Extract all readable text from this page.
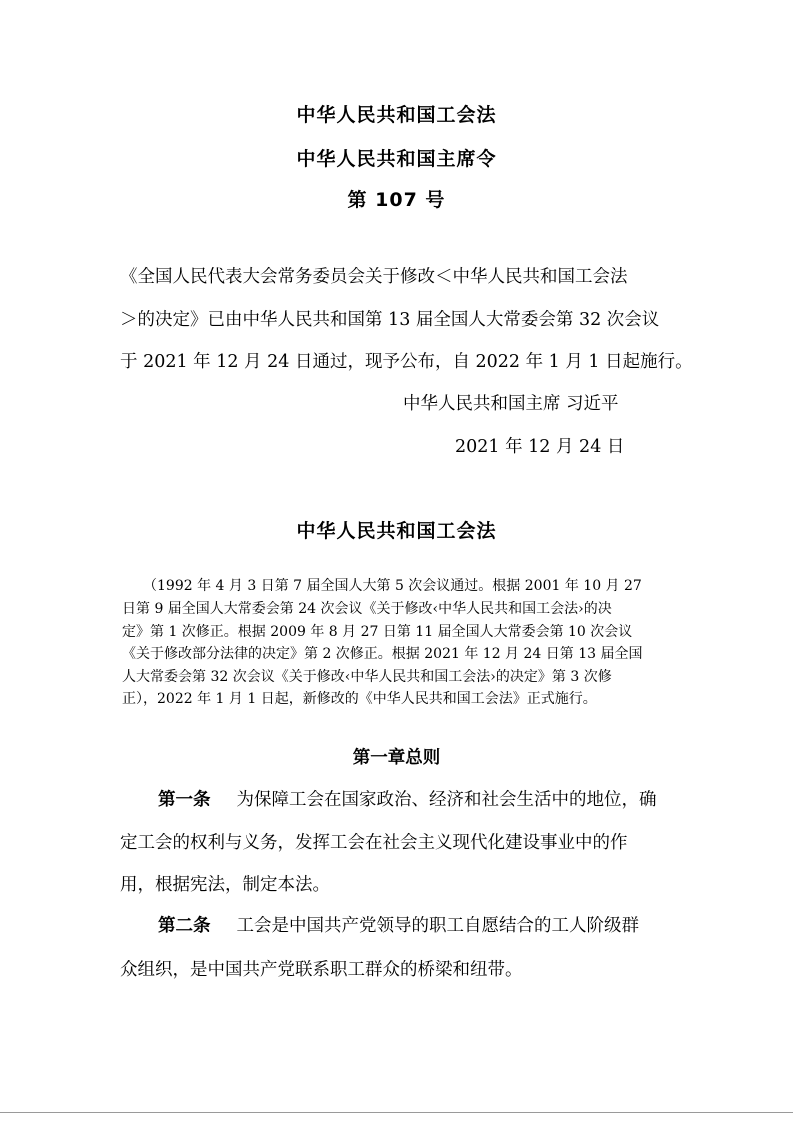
中华人民共和国工会法
中华人民共和国主席令
第 107 号
《全国人民代表大会常务委员会关于修改＜中华人民共和国工会法
＞的决定》已由中华人民共和国第 13 届全国人大常委会第 32 次会议
于 2021 年 12 月 24 日通过，现予公布，自 2022 年 1 月 1 日起施行。
中华人民共和国主席 习近平
2021 年 12 月 24 日
中华人民共和国工会法
（1992 年 4 月 3 日第 7 届全国人大第 5 次会议通过。根据 2001 年 10 月 27
日第 9 届全国人大常委会第 24 次会议《关于修改‹中华人民共和国工会法›的决
定》第 1 次修正。根据 2009 年 8 月 27 日第 11 届全国人大常委会第 10 次会议
《关于修改部分法律的决定》第 2 次修正。根据 2021 年 12 月 24 日第 13 届全国
人大常委会第 32 次会议《关于修改‹中华人民共和国工会法›的决定》第 3 次修
正），2022 年 1 月 1 日起，新修改的《中华人民共和国工会法》正式施行。
第一章总则
第一条 为保障工会在国家政治、经济和社会生活中的地位，确
定工会的权利与义务，发挥工会在社会主义现代化建设事业中的作
用，根据宪法，制定本法。
第二条 工会是中国共产党领导的职工自愿结合的工人阶级群
众组织，是中国共产党联系职工群众的桥梁和纽带。
